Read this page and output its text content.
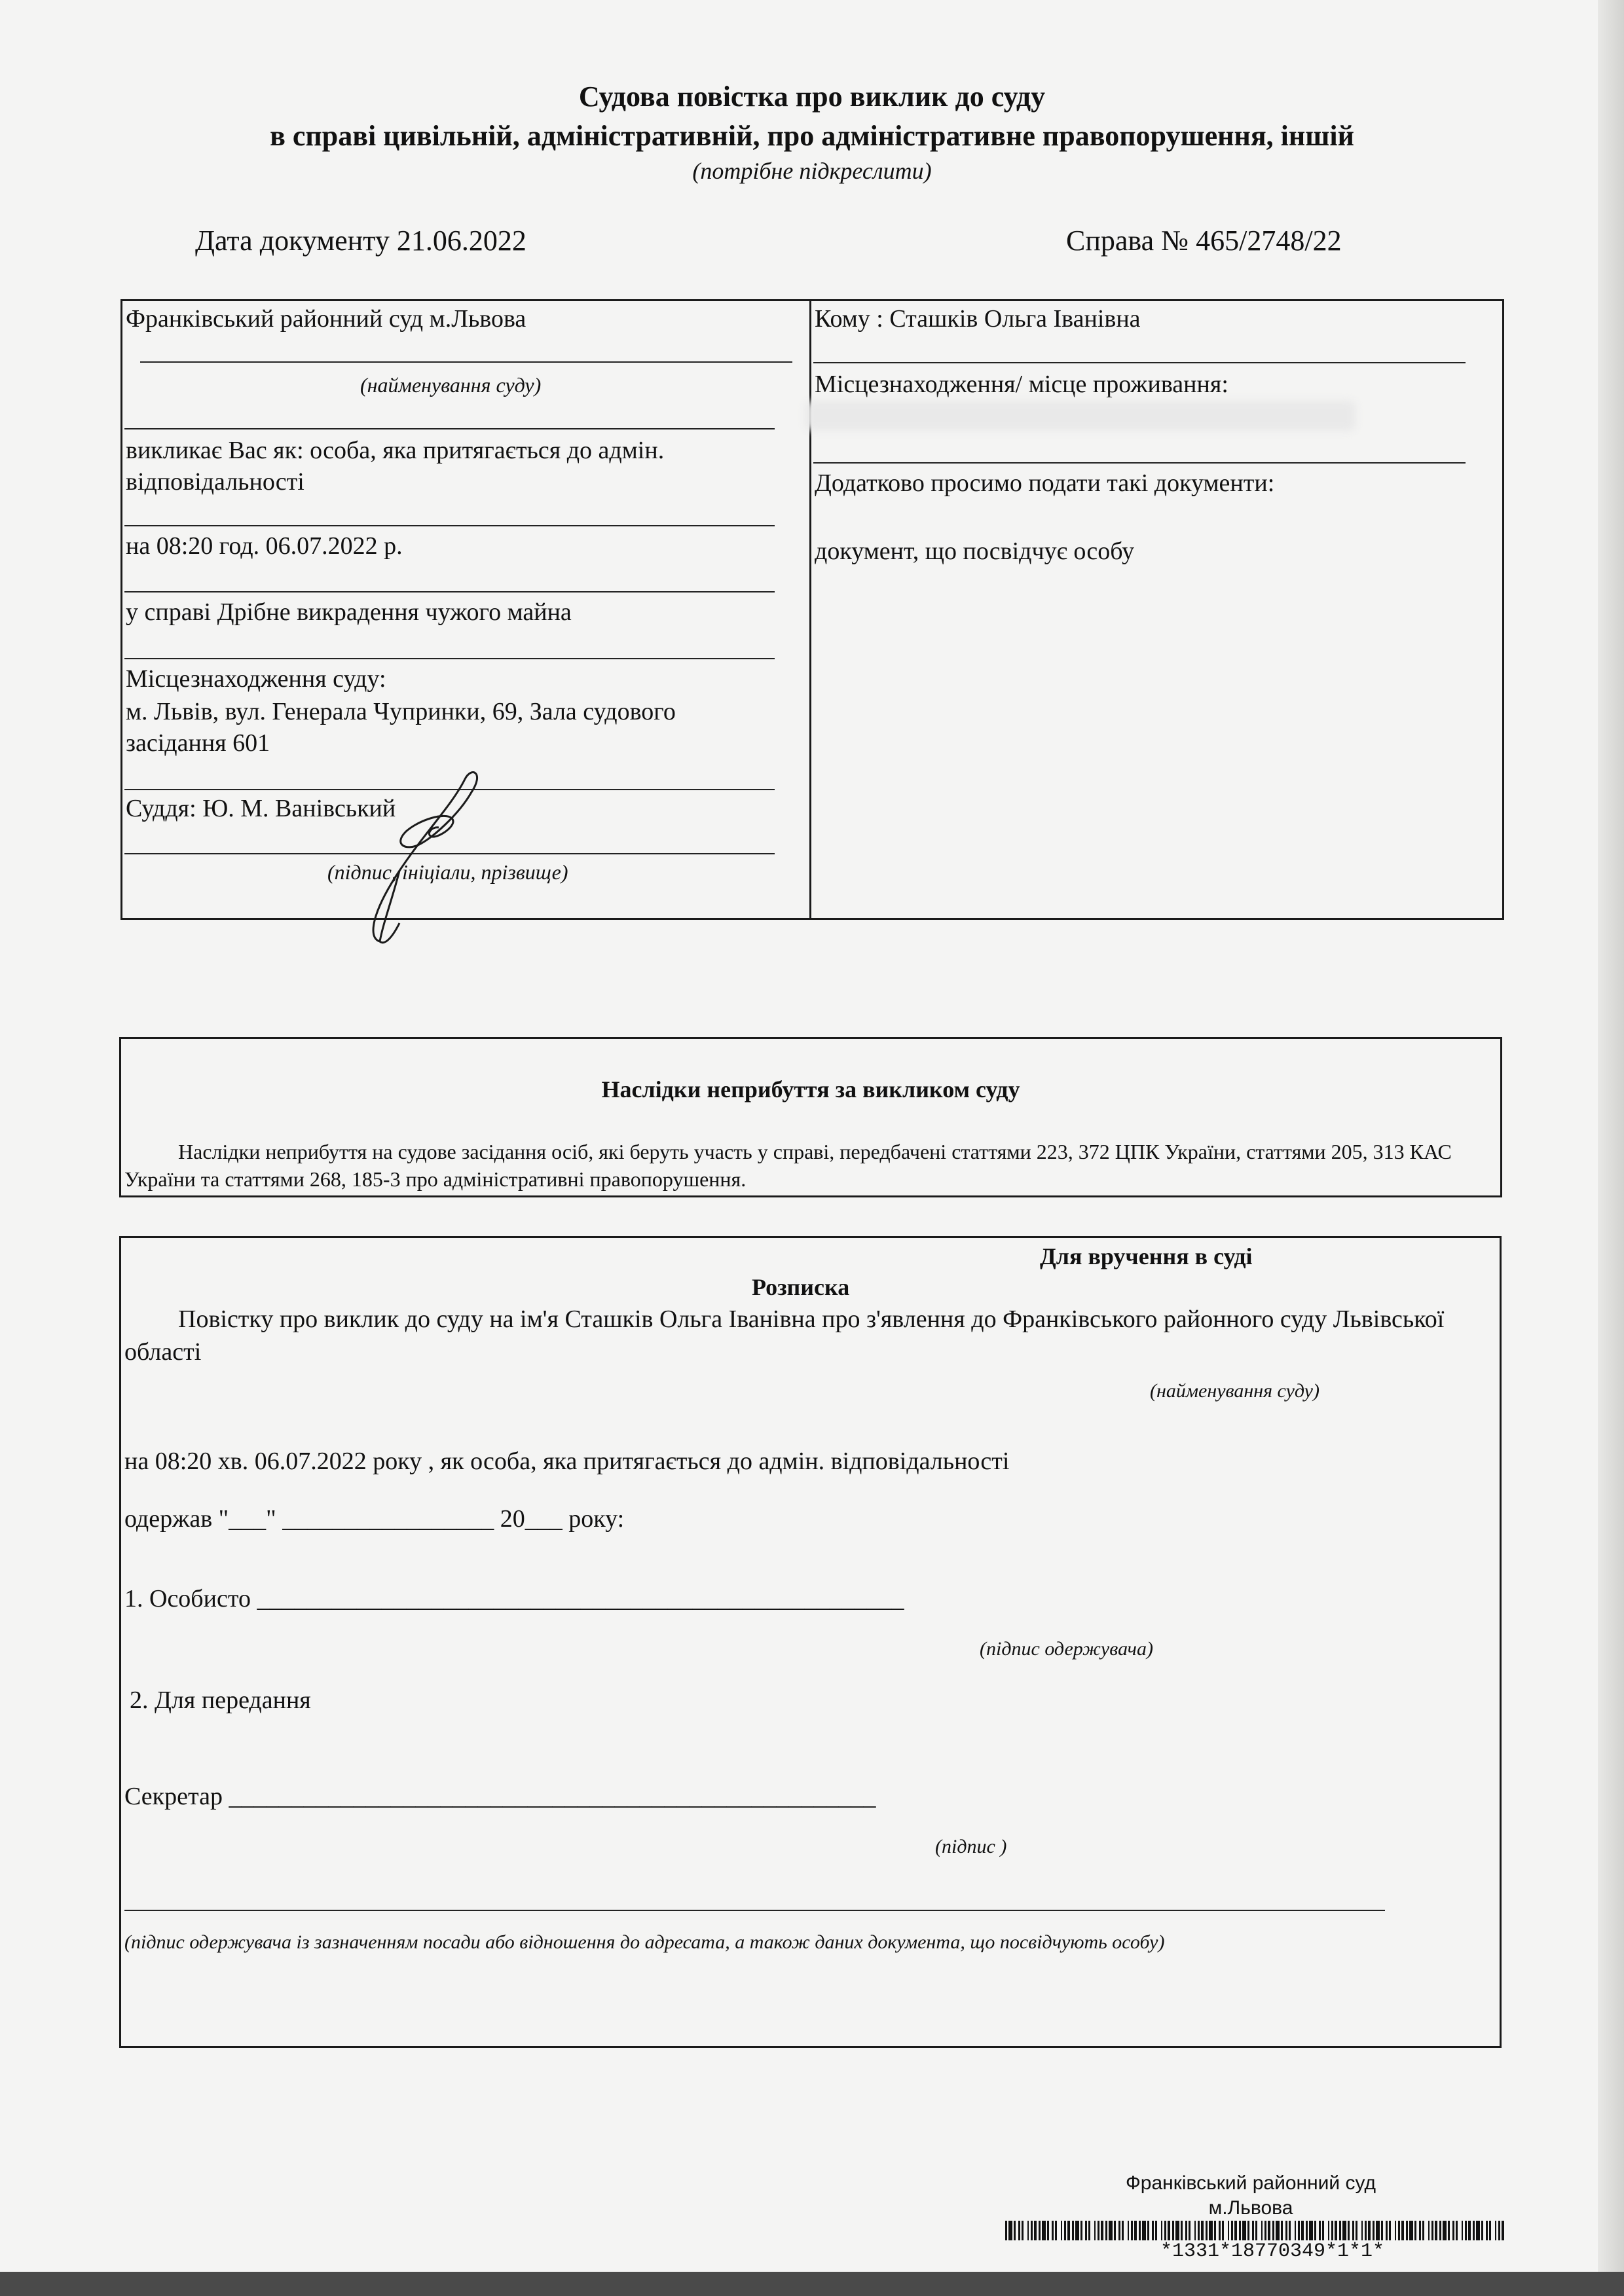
Судова повістка про виклик до суду
в справі цивільній, адміністративній, про адміністративне правопорушення, іншій
(потрібне підкреслити)
Дата документу 21.06.2022	Справа № 465/2748/22
Франківський районний суд м.Львова
(найменування суду)
викликає Вас як: особа, яка притягається до адмін. відповідальності
на 08:20 год. 06.07.2022 р.
у справі Дрібне викрадення чужого майна
Місцезнаходження суду:
м. Львів, вул. Генерала Чупринки, 69, Зала судового засідання 601
Суддя: Ю. М. Ванівський
(підпис, ініціали, прізвище)
Кому : Сташків Ольга Іванівна
Місцезнаходження/ місце проживання:
Додатково просимо подати такі документи:
документ, що посвідчує особу
Наслідки неприбуття за викликом суду
Наслідки неприбуття на судове засідання осіб, які беруть участь у справі, передбачені статтями 223, 372 ЦПК України, статтями 205, 313 КАС України та статтями 268, 185-3 про адміністративні правопорушення.
Для вручення в суді
Розписка
Повістку про виклик до суду на ім'я Сташків Ольга Іванівна про з'явлення до Франківського районного суду Львівської області
(найменування суду)
на 08:20 хв. 06.07.2022 року , як особа, яка притягається до адмін. відповідальності
одержав "___" _________________ 20___ року:
1. Особисто ____________________________________________________
(підпис одержувача)
2. Для передання
Секретар ____________________________________________________
(підпис )
(підпис одержувача із зазначенням посади або відношення до адресата, а також даних документа, що посвідчують особу)
Франківський районний суд
м.Львова
*1331*18770349*1*1*
